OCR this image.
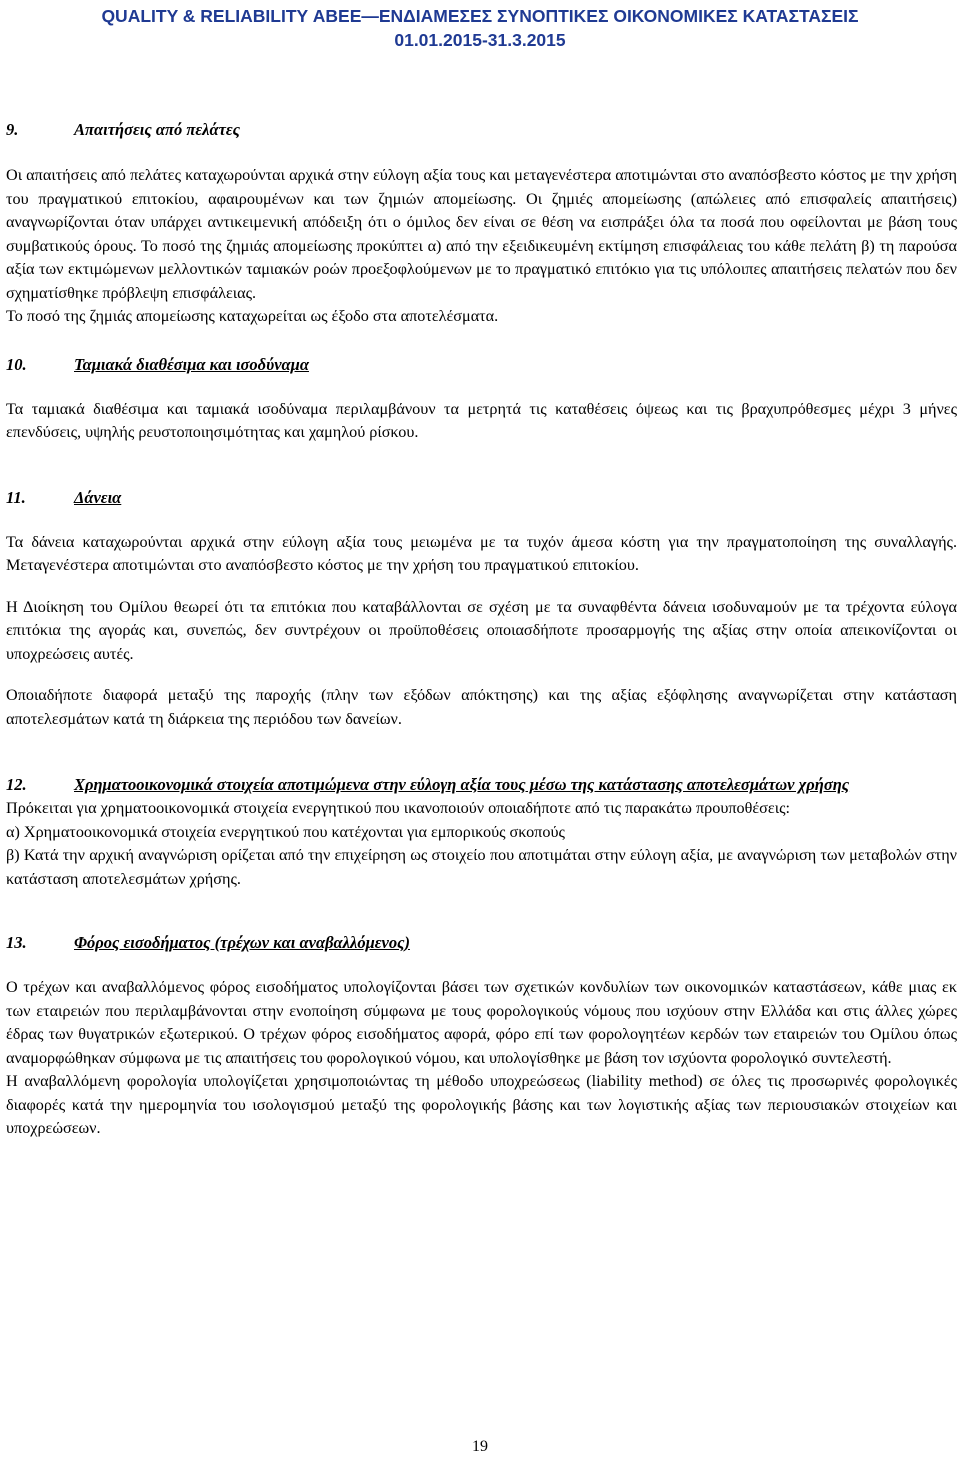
QUALITY & RELIABILITY ΑΒΕΕ—ΕΝΔΙΑΜΕΣΕΣ ΣΥΝΟΠΤΙΚΕΣ ΟΙΚΟΝΟΜΙΚΕΣ ΚΑΤΑΣΤΑΣΕΙΣ
01.01.2015-31.3.2015
9.	Απαιτήσεις από πελάτες

Οι απαιτήσεις από πελάτες καταχωρούνται αρχικά στην εύλογη αξία τους και μεταγενέστερα αποτιμώνται στο αναπόσβεστο κόστος με την χρήση του πραγματικού επιτοκίου, αφαιρουμένων και των ζημιών απομείωσης. Οι ζημιές απομείωσης (απώλειες από επισφαλείς απαιτήσεις) αναγνωρίζονται όταν υπάρχει αντικειμενική απόδειξη ότι ο όμιλος δεν είναι σε θέση να εισπράξει όλα τα ποσά που οφείλονται με βάση τους συμβατικούς όρους. Το ποσό της ζημιάς απομείωσης προκύπτει α) από την εξειδικευμένη εκτίμηση επισφάλειας του κάθε πελάτη β) τη παρούσα αξία των εκτιμώμενων μελλοντικών ταμιακών ροών προεξοφλούμενων με το πραγματικό επιτόκιο για τις υπόλοιπες απαιτήσεις πελατών που δεν σχηματίσθηκε πρόβλεψη επισφάλειας.

Το ποσό της ζημιάς απομείωσης καταχωρείται ως έξοδο στα αποτελέσματα.

10.	Ταμιακά διαθέσιμα και ισοδύναμα

Τα ταμιακά διαθέσιμα και ταμιακά ισοδύναμα περιλαμβάνουν τα μετρητά τις καταθέσεις όψεως και τις βραχυπρόθεσμες μέχρι 3 μήνες επενδύσεις, υψηλής ρευστοποιησιμότητας και χαμηλού ρίσκου.

11.	Δάνεια

Τα δάνεια καταχωρούνται αρχικά στην εύλογη αξία τους μειωμένα με τα τυχόν άμεσα κόστη για την πραγματοποίηση της συναλλαγής. Μεταγενέστερα αποτιμώνται στο αναπόσβεστο κόστος με την χρήση του πραγματικού επιτοκίου.

Η Διοίκηση του Ομίλου θεωρεί ότι τα επιτόκια που καταβάλλονται σε σχέση με τα συναφθέντα δάνεια ισοδυναμούν με τα τρέχοντα εύλογα επιτόκια της αγοράς και, συνεπώς, δεν συντρέχουν οι προϋποθέσεις οποιασδήποτε προσαρμογής της αξίας στην οποία απεικονίζονται οι υποχρεώσεις αυτές.

Οποιαδήποτε διαφορά μεταξύ της παροχής (πλην των εξόδων απόκτησης) και της αξίας εξόφλησης αναγνωρίζεται στην κατάσταση αποτελεσμάτων κατά τη διάρκεια της περιόδου των δανείων.

12.	Χρηματοοικονομικά στοιχεία αποτιμώμενα στην εύλογη αξία τους μέσω της κατάστασης αποτελεσμάτων χρήσης

Πρόκειται για χρηματοοικονομικά στοιχεία ενεργητικού που ικανοποιούν οποιαδήποτε από τις παρακάτω προυποθέσεις:

α) Χρηματοοικονομικά στοιχεία ενεργητικού που κατέχονται για εμπορικούς σκοπούς

β) Κατά την αρχική αναγνώριση ορίζεται από την επιχείρηση ως στοιχείο που αποτιμάται στην εύλογη αξία, με αναγνώριση των μεταβολών στην κατάσταση αποτελεσμάτων χρήσης.

13.	Φόρος εισοδήματος (τρέχων και αναβαλλόμενος)

Ο τρέχων και αναβαλλόμενος φόρος εισοδήματος υπολογίζονται βάσει των σχετικών κονδυλίων των οικονομικών καταστάσεων, κάθε μιας εκ των εταιρειών που περιλαμβάνονται στην ενοποίηση σύμφωνα με τους φορολογικούς νόμους που ισχύουν στην Ελλάδα και στις άλλες χώρες έδρας των θυγατρικών εξωτερικού. Ο τρέχων φόρος εισοδήματος αφορά, φόρο επί των φορολογητέων κερδών των εταιρειών του Ομίλου όπως αναμορφώθηκαν σύμφωνα με τις απαιτήσεις του φορολογικού νόμου, και υπολογίσθηκε με βάση τον ισχύοντα φορολογικό συντελεστή.

Η αναβαλλόμενη φορολογία υπολογίζεται χρησιμοποιώντας τη μέθοδο υποχρεώσεως (liability method) σε όλες τις προσωρινές φορολογικές διαφορές κατά την ημερομηνία του ισολογισμού μεταξύ της φορολογικής βάσης και των λογιστικής αξίας των περιουσιακών στοιχείων και υποχρεώσεων.

19
